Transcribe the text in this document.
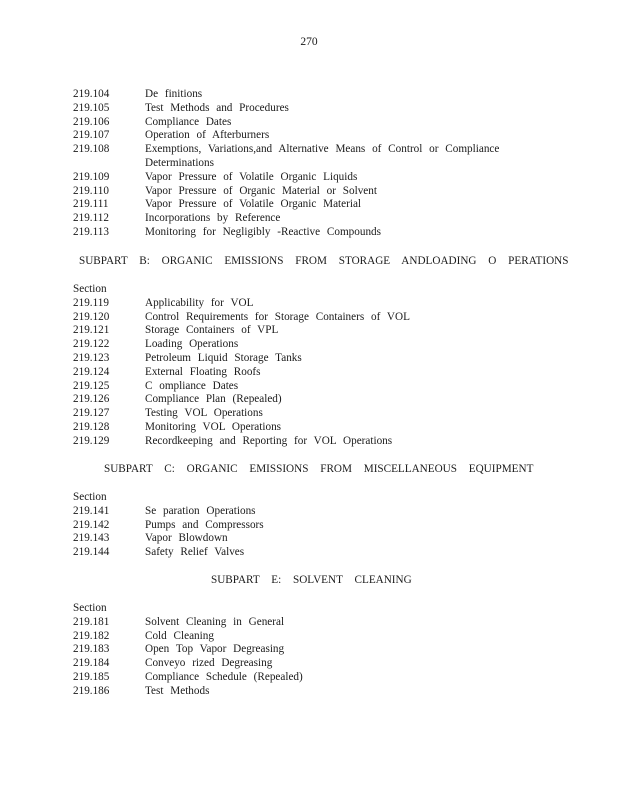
270
219.104	De finitions
219.105	Test Methods and Procedures
219.106	Compliance Dates
219.107	Operation of Afterburners
219.108	Exemptions, Variations,and Alternative Means of Control or Compliance Determinations
219.109	Vapor Pressure of Volatile Organic Liquids
219.110	Vapor Pressure of Organic Material or Solvent
219.111	Vapor Pressure of Volatile Organic Material
219.112	Incorporations by Reference
219.113	Monitoring for Negligibly -Reactive Compounds
SUBPART B: ORGANIC EMISSIONS FROM STORAGE ANDLOADING O PERATIONS
Section
219.119	Applicability for VOL
219.120	Control Requirements for Storage Containers of VOL
219.121	Storage Containers of VPL
219.122	Loading Operations
219.123	Petroleum Liquid Storage Tanks
219.124	External Floating Roofs
219.125	C ompliance Dates
219.126	Compliance Plan (Repealed)
219.127	Testing VOL Operations
219.128	Monitoring VOL Operations
219.129	Recordkeeping and Reporting for VOL Operations
SUBPART C: ORGANIC EMISSIONS FROM MISCELLANEOUS EQUIPMENT
Section
219.141	Se paration Operations
219.142	Pumps and Compressors
219.143	Vapor Blowdown
219.144	Safety Relief Valves
SUBPART E: SOLVENT CLEANING
Section
219.181	Solvent Cleaning in General
219.182	Cold Cleaning
219.183	Open Top Vapor Degreasing
219.184	Conveyo rized Degreasing
219.185	Compliance Schedule (Repealed)
219.186	Test Methods
